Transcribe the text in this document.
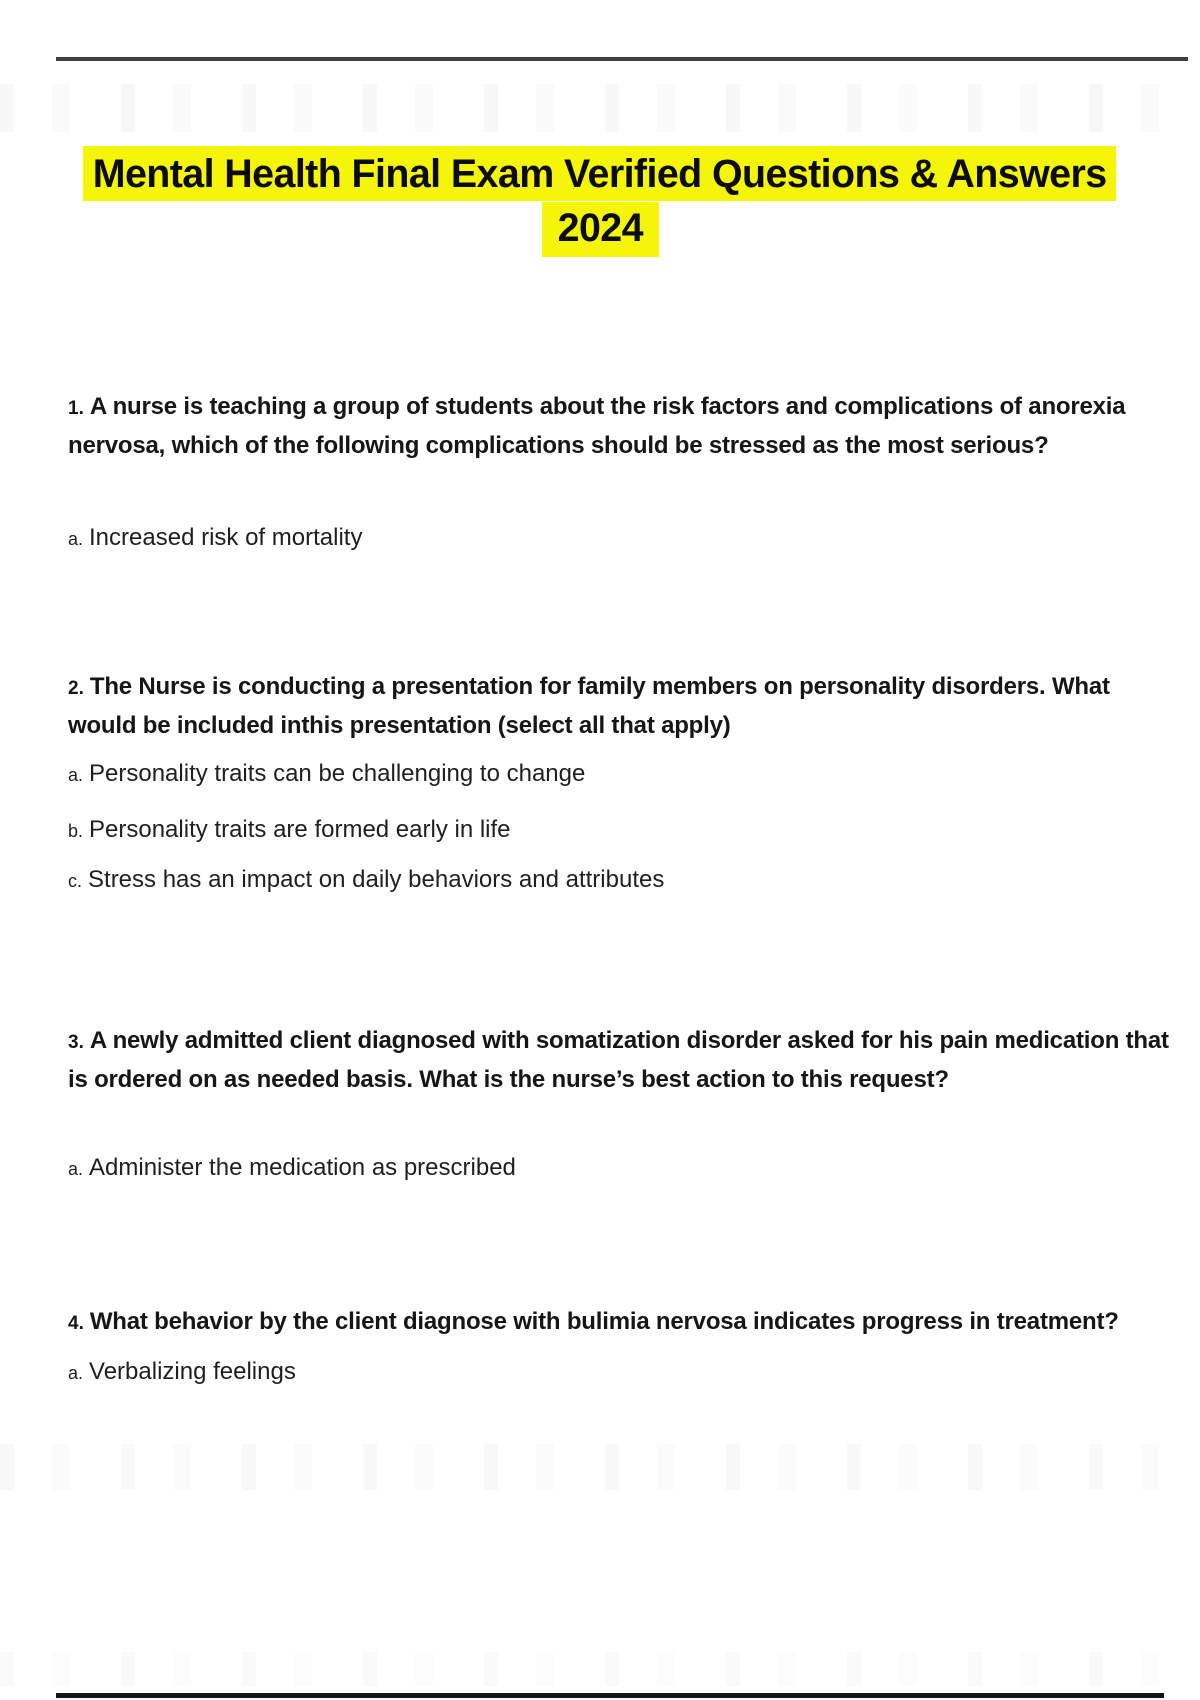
Mental Health Final Exam Verified Questions & Answers
2024

1. A nurse is teaching a group of students about the risk factors and complications of anorexia nervosa, which of the following complications should be stressed as the most serious?

a. Increased risk of mortality

2. The Nurse is conducting a presentation for family members on personality disorders. What would be included inthis presentation (select all that apply)

a. Personality traits can be challenging to change

b. Personality traits are formed early in life

c. Stress has an impact on daily behaviors and attributes

3. A newly admitted client diagnosed with somatization disorder asked for his pain medication that is ordered on as needed basis. What is the nurse’s best action to this request?

a. Administer the medication as prescribed

4. What behavior by the client diagnose with bulimia nervosa indicates progress in treatment?

a. Verbalizing feelings
